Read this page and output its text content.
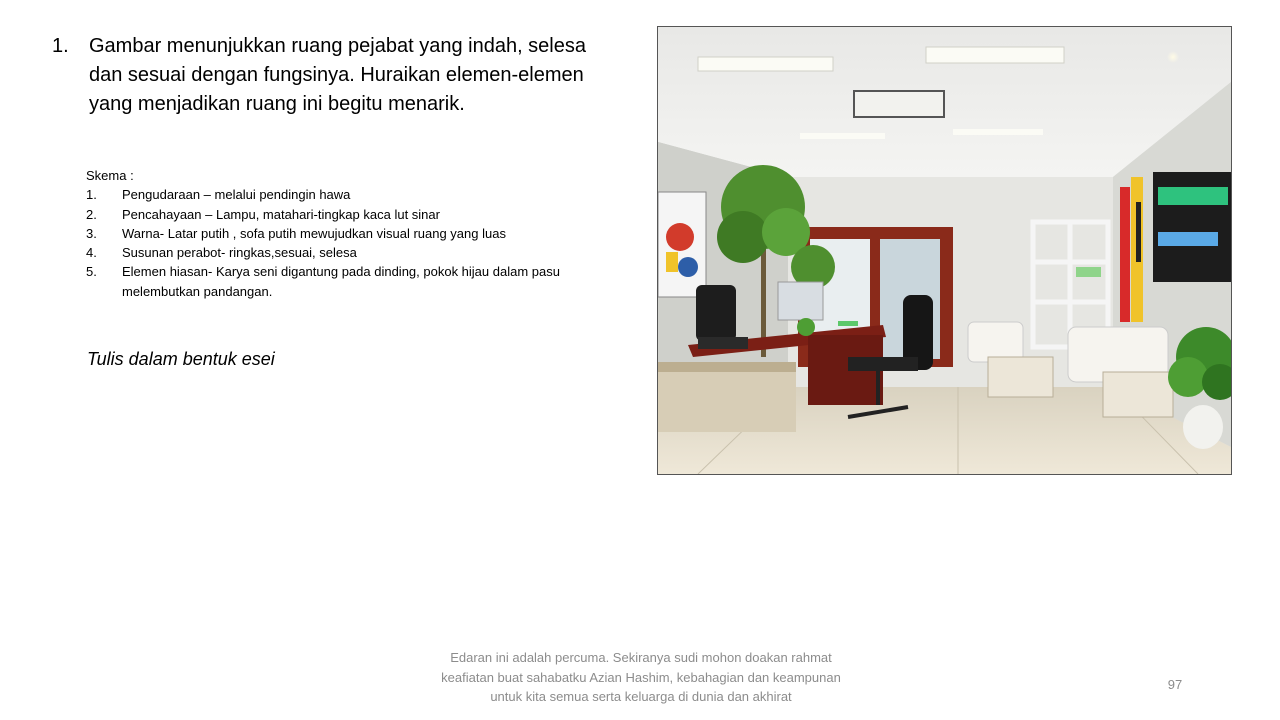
1.	Gambar menunjukkan ruang pejabat yang indah, selesa dan sesuai dengan fungsinya. Huraikan elemen-elemen yang menjadikan ruang ini begitu menarik.
Skema :
1.	Pengudaraan – melalui pendingin hawa
2.	Pencahayaan – Lampu, matahari-tingkap kaca lut sinar
3.	Warna- Latar putih , sofa putih mewujudkan visual ruang yang luas
4.	Susunan perabot- ringkas,sesuai, selesa
5.	Elemen hiasan- Karya seni digantung pada dinding, pokok hijau dalam pasu melembutkan pandangan.
Tulis dalam bentuk esei
Edaran ini adalah percuma. Sekiranya sudi mohon doakan rahmat keafiatan buat sahabatku Azian Hashim, kebahagian dan keampunan untuk kita semua serta keluarga di dunia dan akhirat
97
